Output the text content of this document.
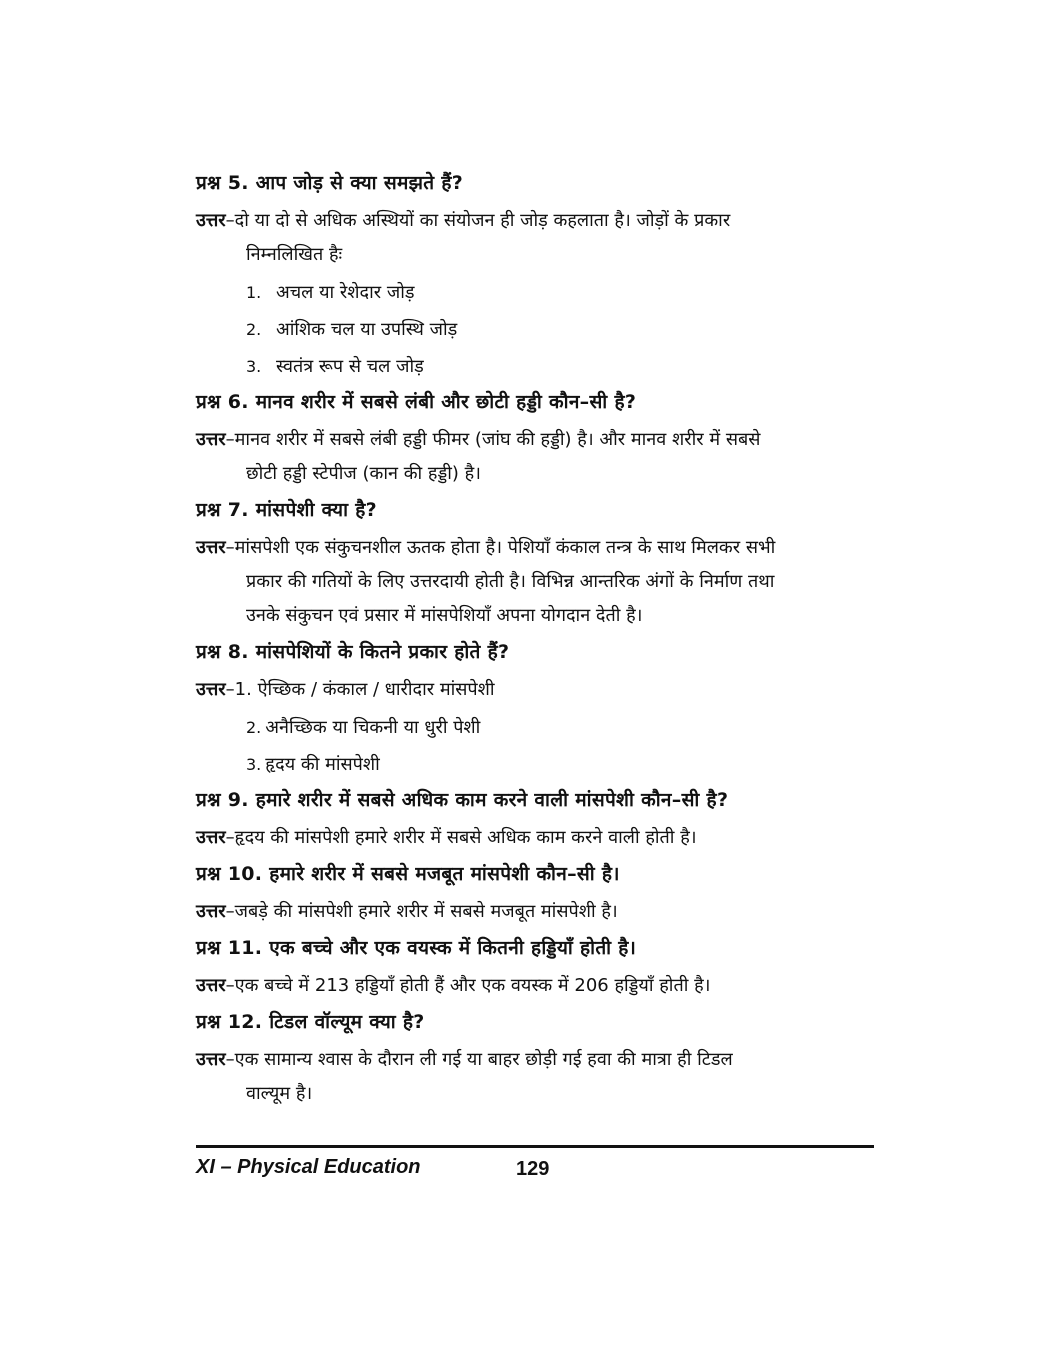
प्रश्न 5. आप जोड़ से क्या समझते हैं?
उत्तर–दो या दो से अधिक अस्थियों का संयोजन ही जोड़ कहलाता है। जोड़ों के प्रकार
निम्नलिखित हैः
1. अचल या रेशेदार जोड़
2. आंशिक चल या उपस्थि जोड़
3. स्वतंत्र रूप से चल जोड़
प्रश्न 6. मानव शरीर में सबसे लंबी और छोटी हड्डी कौन–सी है?
उत्तर–मानव शरीर में सबसे लंबी हड्डी फीमर (जांघ की हड्डी) है। और मानव शरीर में सबसे
छोटी हड्डी स्टेपीज (कान की हड्डी) है।
प्रश्न 7. मांसपेशी क्या है?
उत्तर–मांसपेशी एक संकुचनशील ऊतक होता है। पेशियाँ कंकाल तन्त्र के साथ मिलकर सभी
प्रकार की गतियों के लिए उत्तरदायी होती है। विभिन्न आन्तरिक अंगों के निर्माण तथा
उनके संकुचन एवं प्रसार में मांसपेशियाँ अपना योगदान देती है।
प्रश्न 8. मांसपेशियों के कितने प्रकार होते हैं?
उत्तर–1. ऐच्छिक / कंकाल / धारीदार मांसपेशी
2. अनैच्छिक या चिकनी या धुरी पेशी
3. हृदय की मांसपेशी
प्रश्न 9. हमारे शरीर में सबसे अधिक काम करने वाली मांसपेशी कौन–सी है?
उत्तर–हृदय की मांसपेशी हमारे शरीर में सबसे अधिक काम करने वाली होती है।
प्रश्न 10. हमारे शरीर में सबसे मजबूत मांसपेशी कौन–सी है।
उत्तर–जबड़े की मांसपेशी हमारे शरीर में सबसे मजबूत मांसपेशी है।
प्रश्न 11. एक बच्चे और एक वयस्क में कितनी हड्डियाँ होती है।
उत्तर–एक बच्चे में 213 हड्डियाँ होती हैं और एक वयस्क में 206 हड्डियाँ होती है।
प्रश्न 12. टिडल वॉल्यूम क्या है?
उत्तर–एक सामान्य श्वास के दौरान ली गई या बाहर छोड़ी गई हवा की मात्रा ही टिडल
वाल्यूम है।
XI – Physical Education	129
